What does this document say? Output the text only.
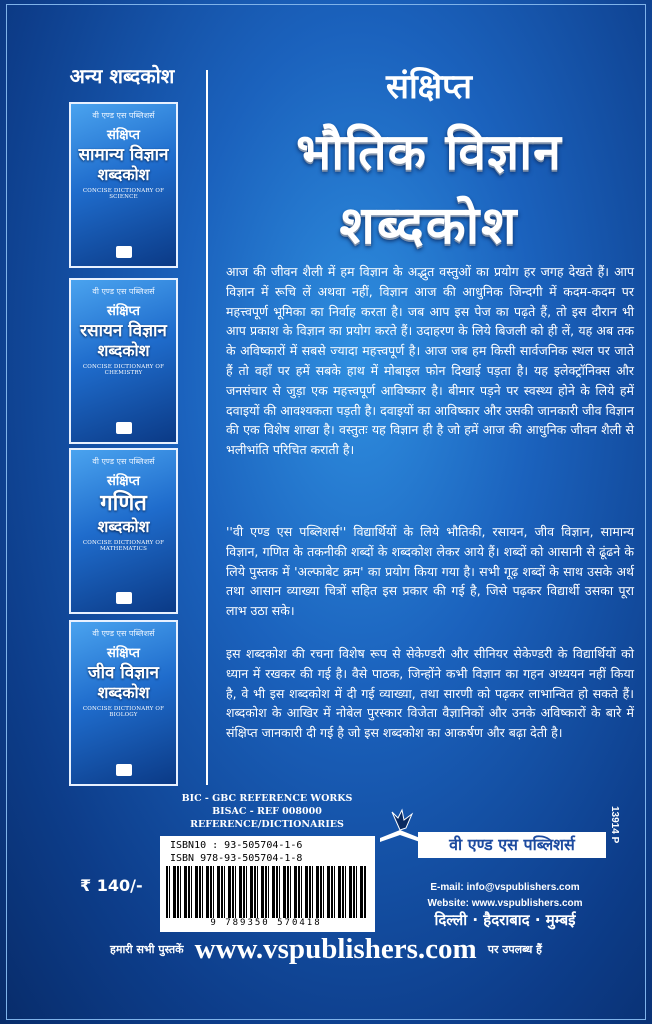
अन्य शब्दकोश
वी एण्ड एस पब्लिशर्स
संक्षिप्त
सामान्य विज्ञान
शब्दकोश
CONCISE DICTIONARY OF SCIENCE
वी एण्ड एस पब्लिशर्स
संक्षिप्त
रसायन विज्ञान
शब्दकोश
CONCISE DICTIONARY OF CHEMISTRY
वी एण्ड एस पब्लिशर्स
संक्षिप्त
गणित
शब्दकोश
CONCISE DICTIONARY OF MATHEMATICS
वी एण्ड एस पब्लिशर्स
संक्षिप्त
जीव विज्ञान
शब्दकोश
CONCISE DICTIONARY OF BIOLOGY
संक्षिप्त
भौतिक विज्ञान
शब्दकोश
आज की जीवन शैली में हम विज्ञान के अद्भुत वस्तुओं का प्रयोग हर जगह देखते हैं। आप विज्ञान में रूचि लें अथवा नहीं, विज्ञान आज की आधुनिक जिन्दगी में कदम-कदम पर महत्त्वपूर्ण भूमिका का निर्वाह करता है। जब आप इस पेज का पढ़ते हैं, तो इस दौरान भी आप प्रकाश के विज्ञान का प्रयोग करते हैं। उदाहरण के लिये बिजली को ही लें, यह अब तक के अविष्कारों में सबसे ज्यादा महत्त्वपूर्ण है। आज जब हम किसी सार्वजनिक स्थल पर जाते हैं तो वहाँ पर हमें सबके हाथ में मोबाइल फोन दिखाई पड़ता है। यह इलेक्ट्रॉनिक्स और जनसंचार से जुड़ा एक महत्त्वपूर्ण आविष्कार है। बीमार पड़ने पर स्वस्थ्य होने के लिये हमें दवाइयों की आवश्यकता पड़ती है। दवाइयों का आविष्कार और उसकी जानकारी जीव विज्ञान की एक विशेष शाखा है। वस्तुतः यह विज्ञान ही है जो हमें आज की आधुनिक जीवन शैली से भलीभांति परिचित कराती है।
''वी एण्ड एस पब्लिशर्स'' विद्यार्थियों के लिये भौतिकी, रसायन, जीव विज्ञान, सामान्य विज्ञान, गणित के तकनीकी शब्दों के शब्दकोश लेकर आये हैं। शब्दों को आसानी से ढूंढने के लिये पुस्तक में 'अल्फाबेट क्रम' का प्रयोग किया गया है। सभी गूढ़ शब्दों के साथ उसके अर्थ तथा आसान व्याख्या चित्रों सहित इस प्रकार की गई है, जिसे पढ़कर विद्यार्थी उसका पूरा लाभ उठा सके।
इस शब्दकोश की रचना विशेष रूप से सेकेण्डरी और सीनियर सेकेण्डरी के विद्यार्थियों को ध्यान में रखकर की गई है। वैसे पाठक, जिन्होंने कभी विज्ञान का गहन अध्ययन नहीं किया है, वे भी इस शब्दकोश में दी गई व्याख्या, तथा सारणी को पढ़कर लाभान्वित हो सकते हैं। शब्दकोश के आखिर में नोबेल पुरस्कार विजेता वैज्ञानिकों और उनके अविष्कारों के बारे में संक्षिप्त जानकारी दी गई है जो इस शब्दकोश का आकर्षण और बढ़ा देती है।
BIC - GBC REFERENCE WORKS
BISAC - REF 008000
REFERENCE/DICTIONARIES
ISBN10 : 93-505704-1-6
ISBN 978-93-505704-1-8
9 789350 570418
₹ 140/-
वी एण्ड एस पब्लिशर्स
E-mail: info@vspublishers.com
Website: www.vspublishers.com
दिल्ली · हैदराबाद · मुम्बई
13914 P
हमारी सभी पुस्तकें www.vspublishers.com पर उपलब्ध हैं
